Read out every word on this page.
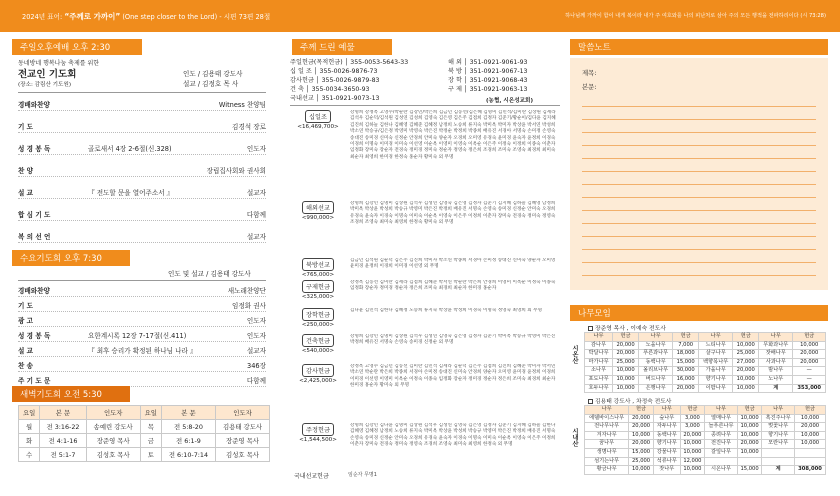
2024년 표어: “주께로 가까이” (One step closer to the Lord) - 시편 73편 28절	하나님께 가까이 함이 내게 복이라 내가 주 여호와를 나의 피난처로 삼아 주의 모든 행적을 전파하리이다 (시 73:28)
주일오후예배 오후 2:30
동네방네 행복나눔 축제를 위한
전교인 기도회
(장소: 감림산 기도원)
인도 / 김용태 강도사
설교 / 김정호 목 사
경배와찬양	Witness 찬양팀
기 도	김경석 장로
성 경 봉 독	골로새서 4장 2-6절(신.328)	인도자
찬 양	장립집사회와 권사회
설 교	『 전도할 문을 열어주소서 』	설교자
합 심 기 도	다함께
복 의 선 언	설교자
수요기도회 오후 7:30
인도 및 설교 / 김용태 강도사
경배와찬양	새노래찬양단
기 도	임정화 권사
광 고	인도자
성 경 봉 독	요한계시록 12장 7-17절(신.411)	인도자
설 교	『 최후 승리가 확정된 하나님 나라 』	설교자
찬 송	346장
주 기 도 문	다함께
새벽기도회 오전 5:30
요일	본 문	인도자	요일	본 문	인도자
월	전 3:16-22	송예린 강도사	목	전 5:8-20	김용태 강도사
화	전 4:1-16	장준영 목사	금	전 6:1-9	장준영 목사
수	전 5:1-7	김성호 목사	토	전 6:10-7:14	김성호 목사
주께 드린 예물
주일헌금(목적헌금) │ 355-0053-5643-33
십 일 조 │ 355-0026-9876-73
감사헌금 │ 355-0026-9879-83
건 축 │ 355-0034-3650-93
국내선교 │ 351-0921-9073-13
해 외 │ 351-0921-9061-93
북 방 │ 351-0921-9067-13
장 학 │ 351-0921-9068-43
구 제 │ 351-0921-9063-13
(농협, 시온성교회)
십일조
<16,469,700>
강명희 강정옥 고영수/박순란 김강민/박은희 김금년 김동선/김은혜 김명미 김민석/김미란 김상원 김세라 김석우 김순덕/김석원 김성연 김성희 김영숙 김은영 김은주 김점희 김정자 김준기/황순이/김다윤 김지혜 김진희 김하늘 김한나 김혜영 김혜준 김혜정 남정희 노승희 류지숙 박미옥 박미자 박상윤 박서연 박성희 박소연 박승규/김은정 박영미 박영숙 박은진 박정순 박정희 박종희 배유진 서경아 서명숙 손미정 손영숙 송대진 송미경 신미숙 신정순 안경희 안미숙 양순자 오경희 오미영 유경숙 윤미경 윤숙자 윤정희 이경숙 이경희 이명숙 이미경 이미숙 이선영 이순옥 이영미 이영숙 이옥순 이은주 이정숙 이정희 이종숙 이춘자 임정화 장미숙 장순자 전경숙 정미경 정미숙 정순자 정영숙 정은희 조경희 조미숙 조영숙 최경희 최미숙 최순자 최영희 한미경 한정숙 홍순자 황미숙 외 무명
해외선교
<990,000>
강명희 김강민 김명미 김상원 김석우 김성연 김영숙 김은영 김정자 김준기 김지혜 김하늘 김혜영 남정희 박미옥 박상윤 박성희 박승규 박영미 박은진 박정희 배유진 서명숙 손영숙 송미경 신정순 안미숙 오경희 유경숙 윤숙자 이경숙 이명숙 이미숙 이순옥 이영숙 이은주 이정희 이춘자 장미숙 전경숙 정미숙 정영숙 조경희 조영숙 최미숙 최영희 한정숙 황미숙 외 무명
북방선교
<765,000>
김금년 김석원 김순덕 김은주 김진희 박미자 박소연 박종희 서경아 손미정 송대진 신미숙 양순자 오미영 윤미경 윤정희 이경희 이미경 이선영 외 무명
구제헌금
<325,000>
강정옥 김동선 김미란 김세라 김점희 김혜준 박서연 박순란 박은희 안경희 이영미 이옥순 이정숙 이종숙 임정화 장순자 정미경 정순자 정은희 조미숙 최경희 최순자 한미경 홍순자
장학헌금
<250,000>
김다윤 김민석 김한나 김혜정 노승희 류지숙 박상윤 박성희 이경숙 이명숙 정영숙 최영희 외 무명
건축헌금
<540,000>
강명희 김강민 김명미 김상원 김석우 김성연 김영숙 김은영 김정자 김준기 박미옥 박승규 박영미 박은진 박정희 배유진 서명숙 손영숙 송미경 신정순 외 무명
감사헌금
<2,425,000>
강정옥 고영수 김금년 김동선 김미란 김민석 김세라 김순덕 김은주 김점희 김진희 김혜준 박미자 박서연 박소연 박순란 박은희 박종희 서경아 손미정 송대진 신미숙 안경희 양순자 오미영 윤미경 윤정희 이경희 이미경 이선영 이영미 이옥순 이정숙 이종숙 임정화 장순자 정미경 정순자 정은희 조미숙 최경희 최순자 한미경 홍순자 황미숙 외 무명
주정헌금
<1,544,500>
강명희 김강민 김다윤 김명미 김상원 김석우 김성연 김영숙 김은영 김정자 김준기 김지혜 김하늘 김한나 김혜영 김혜정 남정희 노승희 류지숙 박미옥 박상윤 박성희 박승규 박영미 박은진 박정희 배유진 서명숙 손영숙 송미경 신정순 안미숙 오경희 유경숙 윤숙자 이경숙 이명숙 이미숙 이순옥 이영숙 이은주 이정희 이춘자 장미숙 전경숙 정미숙 정영숙 조경희 조영숙 최미숙 최영희 한정숙 외 무명
국내선교헌금	임순자 무명1
말씀노트
제목:
본문:
나무모임
시온산
장준영 목사 , 이예숙 전도사
나무	헌금	나무	헌금	나무	헌금	나무	헌금
감나무	20,000	노을나무	7,000	느티나무	10,000	무화과나무	10,000
박달나무	20,000	푸른과나무	18,000	살구나무	25,000	잣배나무	20,000
마가나무	25,000	동백나무	15,000	백향목나무	27,000	사과나무	20,000
소나무	10,000	올리브나무	30,000	가을나무	20,000	밤나무	—
포도나무	10,000	버드나무	16,000	향기나무	10,000	노나무	—
호두나무	10,000	은행나무	20,000	이팝나무	10,000	계	353,000
시내산
김용태 강도사 , 차정숙 전도사
나무	헌금	나무	헌금	나무	헌금	나무	헌금
에델바이스나무	20,000	숲나무	3,000	열매나무	10,000	흑진주나무	10,000
전나무나무	20,000	자두나무	3,000	늘푸른나무	10,000	벚꽃나무	20,000
겨자나무	10,000	동백나무	20,000	종려나무	10,000	향기나무	10,000
꿈나무	20,000	향기나무	10,000	전진나무	20,000	모란나무	10,000
생명나무	15,000	강물나무	10,000	갈잎나무	10,000		
섬기는나무	25,000	석류나무	12,000				
황금나무	10,000	잣나무	10,000	시온나무	15,000	계	308,000
